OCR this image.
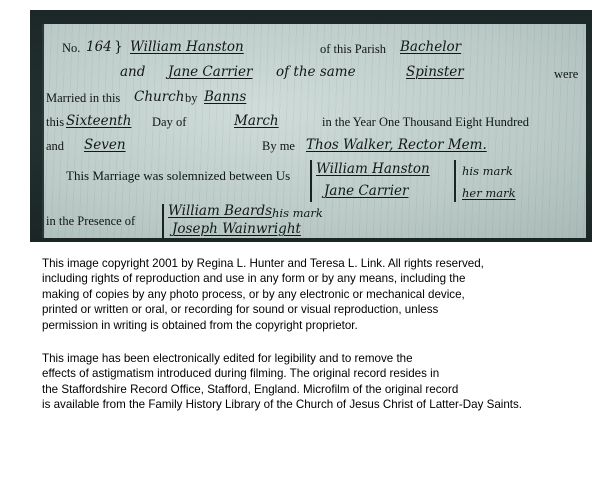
No. 164 } William Hanston	of this Parish Bachelor
and Jane Carrier of the same	Spinster	were
Married in this Church by Banns
this Sixteenth Day of	March	in the Year One Thousand Eight Hundred
and Seven	By me Thos Walker, Rector Mem.
This Marriage was solemnized between Us William Hanston	his mark
Jane Carrier	her mark
in the Presence of
William Beards his mark
Joseph Wainwright
This image copyright 2001 by Regina L. Hunter and Teresa L. Link. All rights reserved,
including rights of reproduction and use in any form or by any means, including the
making of copies by any photo process, or by any electronic or mechanical device,
printed or written or oral, or recording for sound or visual reproduction, unless
permission in writing is obtained from the copyright proprietor.
This image has been electronically edited for legibility and to remove the
effects of astigmatism introduced during filming. The original record resides in
the Staffordshire Record Office, Stafford, England. Microfilm of the original record
is available from the Family History Library of the Church of Jesus Christ of Latter-Day Saints.
